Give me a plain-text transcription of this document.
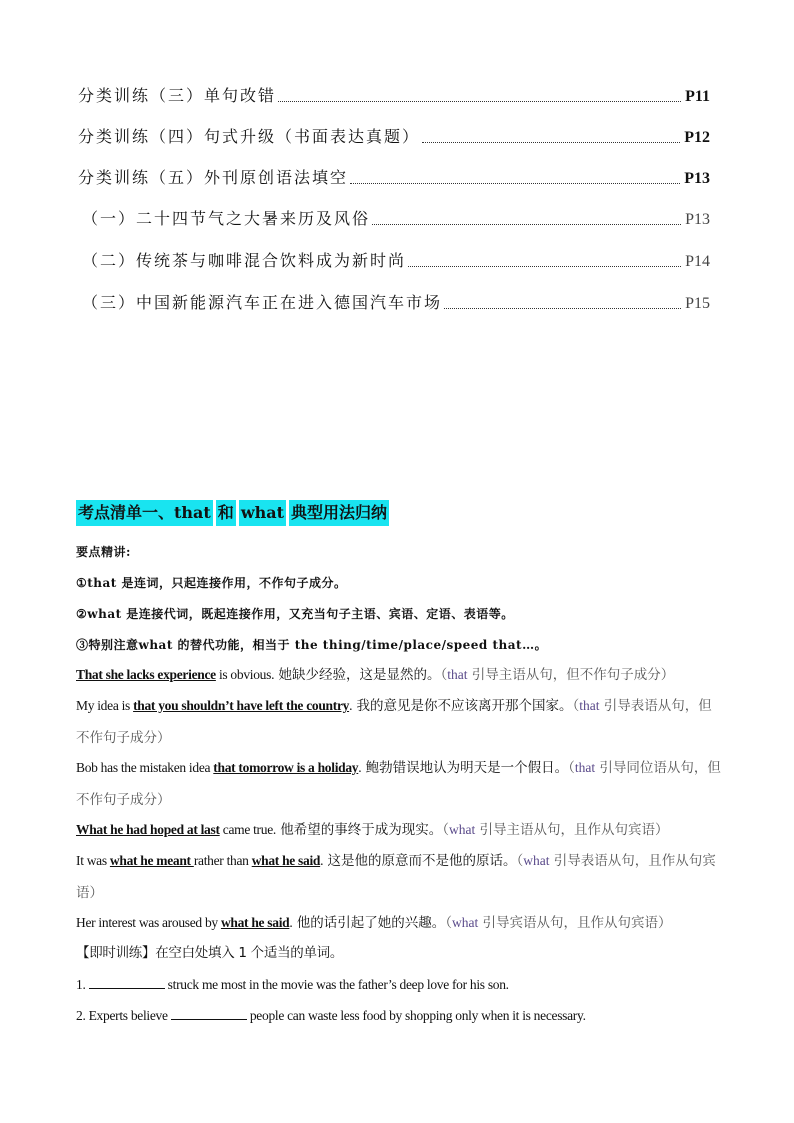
分类训练（三）单句改错	P11
分类训练（四）句式升级（书面表达真题）	P12
分类训练（五）外刊原创语法填空	P13
（一）二十四节气之大暑来历及风俗	P13
（二）传统茶与咖啡混合饮料成为新时尚	P14
（三）中国新能源汽车正在进入德国汽车市场	P15
考点清单一、that 和 what 典型用法归纳
要点精讲:
①that 是连词，只起连接作用，不作句子成分。
②what 是连接代词，既起连接作用，又充当句子主语、宾语、定语、表语等。
③特别注意what 的替代功能，相当于 the thing/time/place/speed that…。
That she lacks experience is obvious. 她缺少经验，这是显然的。（that 引导主语从句，但不作句子成分）
My idea is that you shouldn’t have left the country. 我的意见是你不应该离开那个国家。（that 引导表语从句，但不作句子成分）
Bob has the mistaken idea that tomorrow is a holiday. 鲍勃错误地认为明天是一个假日。（that 引导同位语从句，但不作句子成分）
What he had hoped at last came true. 他希望的事终于成为现实。（what 引导主语从句，且作从句宾语）
It was what he meant rather than what he said. 这是他的原意而不是他的原话。（what 引导表语从句，且作从句宾语）
Her interest was aroused by what he said. 他的话引起了她的兴趣。（what 引导宾语从句，且作从句宾语）
【即时训练】在空白处填入 1 个适当的单词。
1.	struck me most in the movie was the father’s deep love for his son.
2. Experts believe	people can waste less food by shopping only when it is necessary.
